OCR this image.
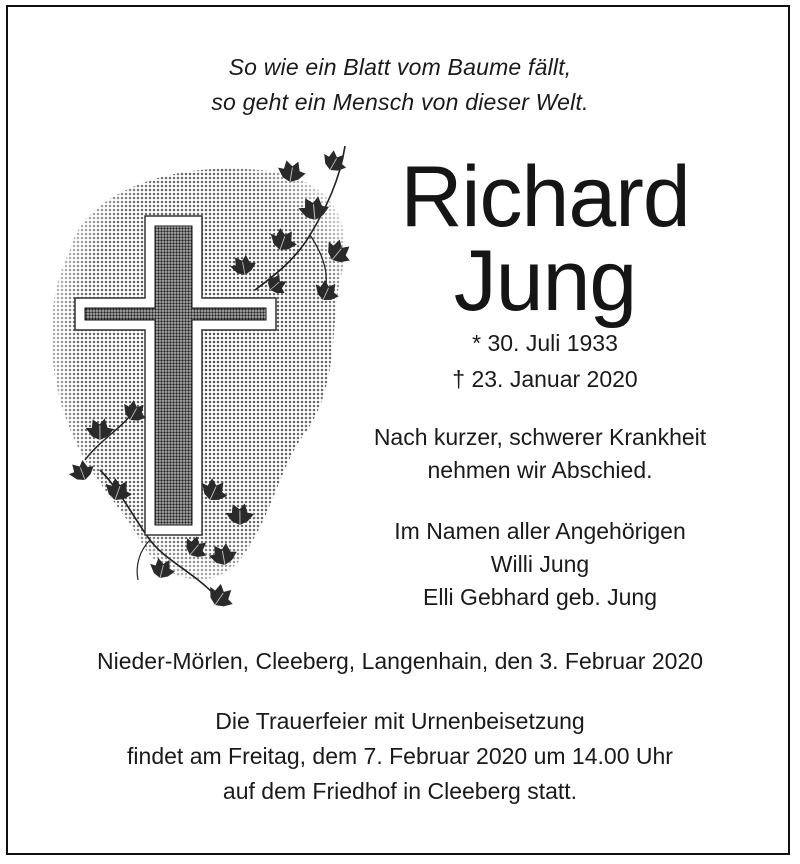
So wie ein Blatt vom Baume fällt,
so geht ein Mensch von dieser Welt.
Richard
Jung
* 30. Juli 1933
† 23. Januar 2020
Nach kurzer, schwerer Krankheit
nehmen wir Abschied.
Im Namen aller Angehörigen
Willi Jung
Elli Gebhard geb. Jung
Nieder-Mörlen, Cleeberg, Langenhain, den 3. Februar 2020
Die Trauerfeier mit Urnenbeisetzung
findet am Freitag, dem 7. Februar 2020 um 14.00 Uhr
auf dem Friedhof in Cleeberg statt.
